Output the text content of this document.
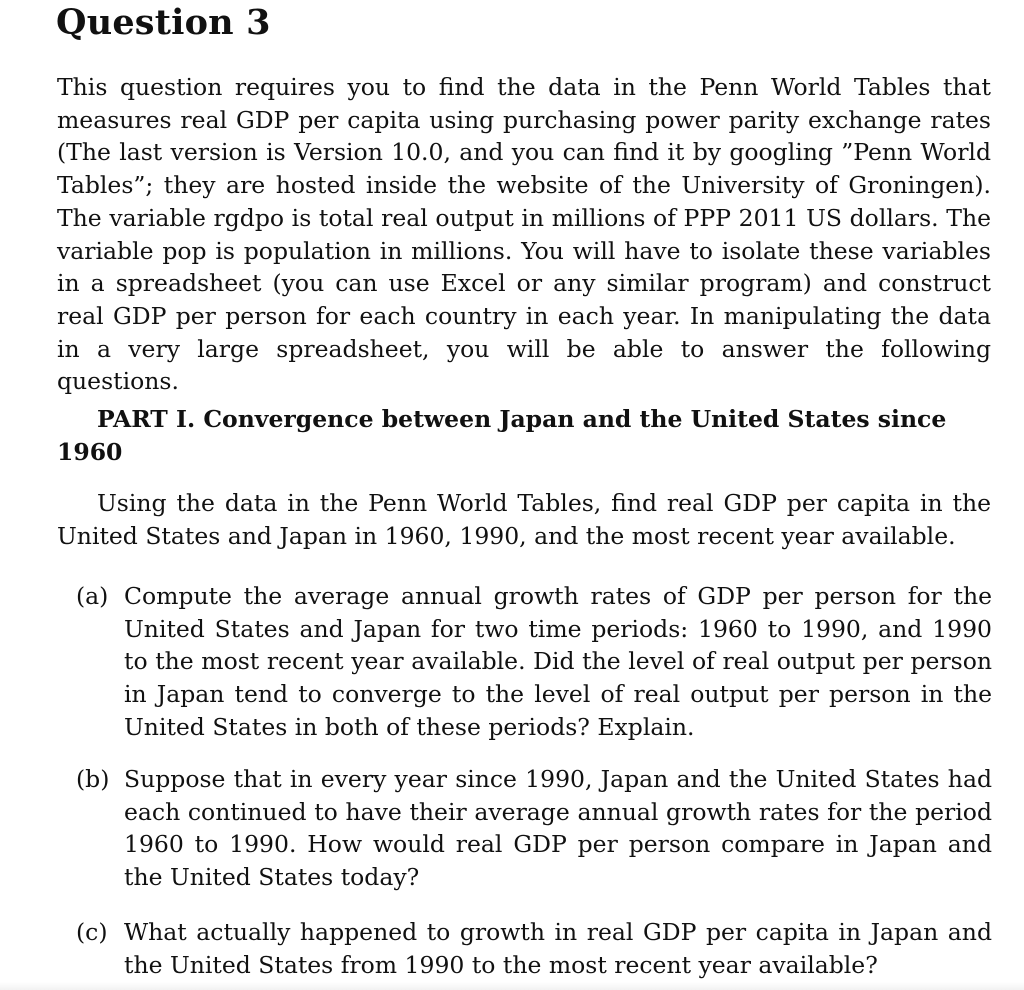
Question 3

This question requires you to find the data in the Penn World Tables that measures real GDP per capita using purchasing power parity exchange rates (The last version is Version 10.0, and you can find it by googling ”Penn World Tables”; they are hosted inside the website of the University of Groningen). The variable rgdpo is total real output in millions of PPP 2011 US dollars. The variable pop is population in millions. You will have to isolate these variables in a spreadsheet (you can use Excel or any similar program) and construct real GDP per person for each country in each year. In manipulating the data in a very large spreadsheet, you will be able to answer the following questions.

PART I. Convergence between Japan and the United States since 1960

Using the data in the Penn World Tables, find real GDP per capita in the United States and Japan in 1960, 1990, and the most recent year available.

(a) Compute the average annual growth rates of GDP per person for the United States and Japan for two time periods: 1960 to 1990, and 1990 to the most recent year available. Did the level of real output per person in Japan tend to converge to the level of real output per person in the United States in both of these periods? Explain.
(b) Suppose that in every year since 1990, Japan and the United States had each continued to have their average annual growth rates for the period 1960 to 1990. How would real GDP per person compare in Japan and the United States today?
(c) What actually happened to growth in real GDP per capita in Japan and the United States from 1990 to the most recent year available?
